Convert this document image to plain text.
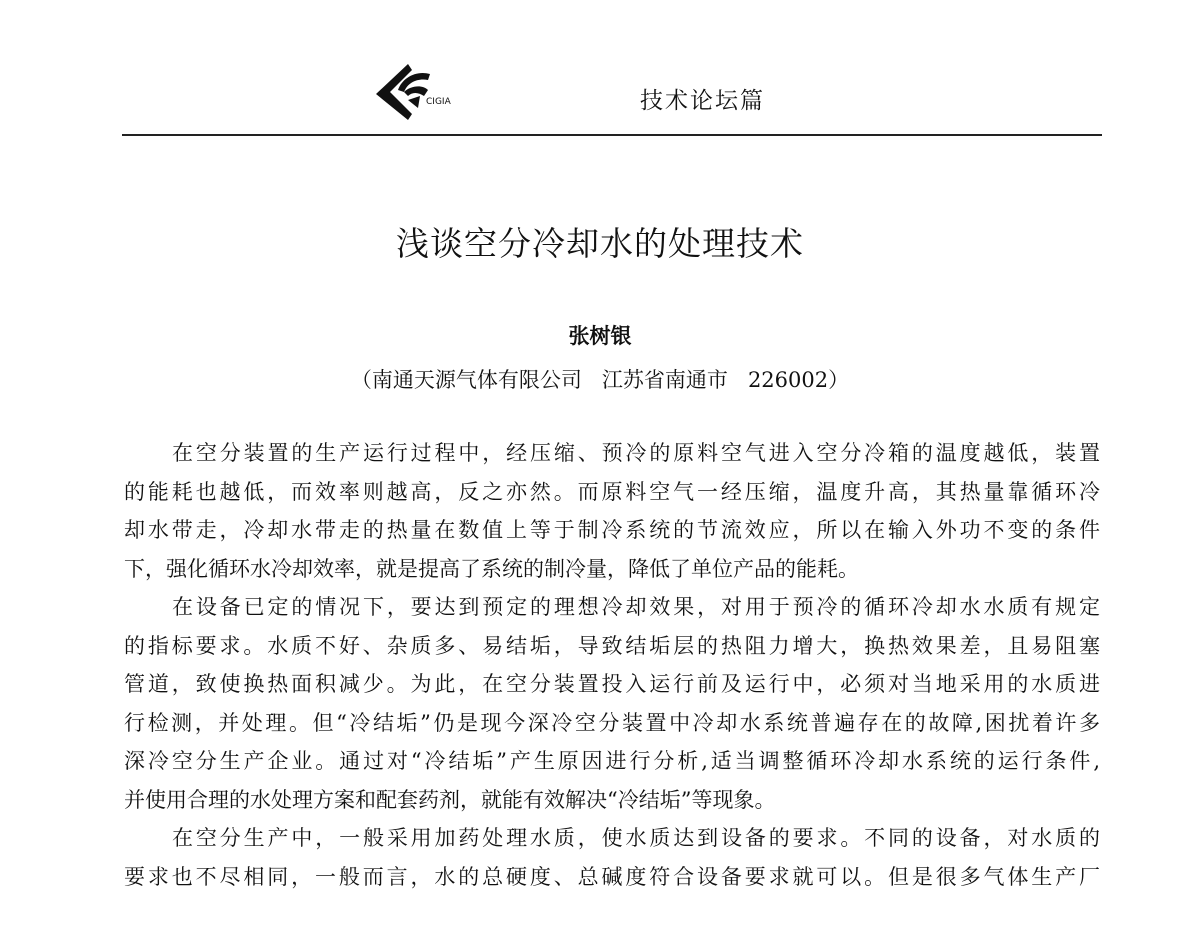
CIGIA	技术论坛篇
浅谈空分冷却水的处理技术
张树银
（南通天源气体有限公司   江苏省南通市   226002）
在空分装置的生产运行过程中，经压缩、预冷的原料空气进入空分冷箱的温度越低，装置
的能耗也越低，而效率则越高，反之亦然。而原料空气一经压缩，温度升高，其热量靠循环冷
却水带走，冷却水带走的热量在数值上等于制冷系统的节流效应，所以在输入外功不变的条件
下，强化循环水冷却效率，就是提高了系统的制冷量，降低了单位产品的能耗。
在设备已定的情况下，要达到预定的理想冷却效果，对用于预冷的循环冷却水水质有规定
的指标要求。水质不好、杂质多、易结垢，导致结垢层的热阻力增大，换热效果差，且易阻塞
管道，致使换热面积减少。为此，在空分装置投入运行前及运行中，必须对当地采用的水质进
行检测，并处理。但“冷结垢”仍是现今深冷空分装置中冷却水系统普遍存在的故障,困扰着许多
深冷空分生产企业。通过对“冷结垢”产生原因进行分析,适当调整循环冷却水系统的运行条件,
并使用合理的水处理方案和配套药剂，就能有效解决“冷结垢”等现象。
在空分生产中，一般采用加药处理水质，使水质达到设备的要求。不同的设备，对水质的
要求也不尽相同，一般而言，水的总硬度、总碱度符合设备要求就可以。但是很多气体生产厂
